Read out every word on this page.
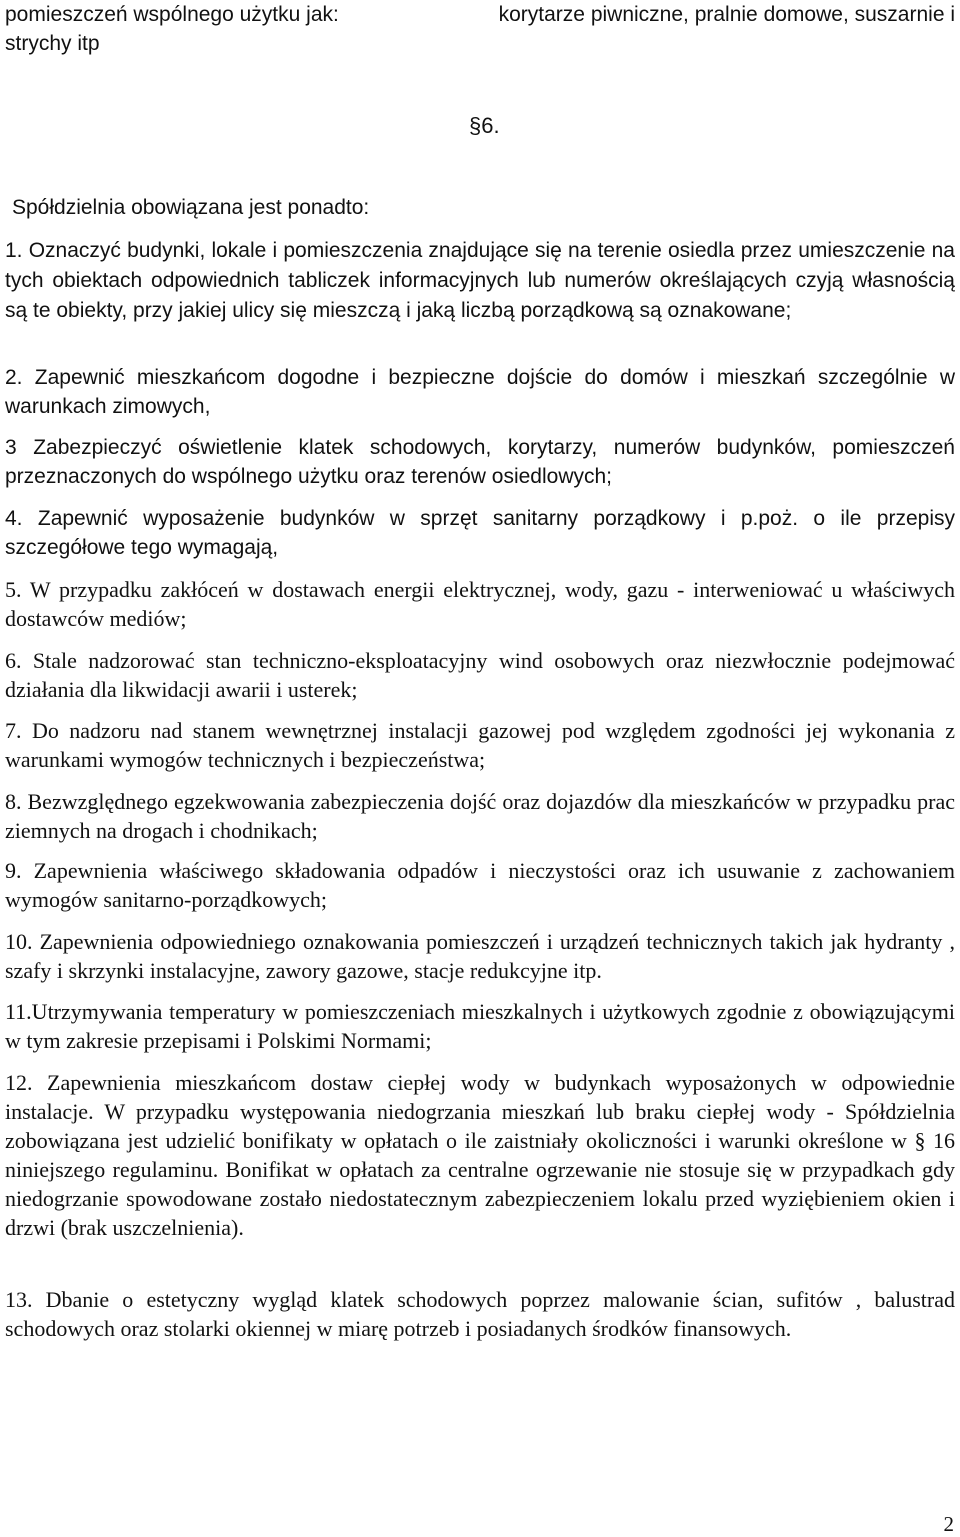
pomieszczeń wspólnego użytku jak:	korytarze piwniczne, pralnie domowe, suszarnie i
strychy itp
§6.

Spółdzielnia obowiązana jest ponadto:

1. Oznaczyć budynki, lokale i pomieszczenia znajdujące się na terenie osiedla przez umieszczenie na tych obiektach odpowiednich tabliczek informacyjnych lub numerów określających czyją własnością są te obiekty, przy jakiej ulicy się mieszczą i jaką liczbą porządkową są oznakowane;

2. Zapewnić mieszkańcom dogodne i bezpieczne dojście do domów i mieszkań szczególnie w warunkach zimowych,

3 Zabezpieczyć oświetlenie klatek schodowych, korytarzy, numerów budynków, pomieszczeń przeznaczonych do wspólnego użytku oraz terenów osiedlowych;

4. Zapewnić wyposażenie budynków w sprzęt sanitarny porządkowy i p.poż. o ile przepisy szczegółowe tego wymagają,

5. W przypadku zakłóceń w dostawach energii elektrycznej, wody, gazu - interweniować u właściwych dostawców mediów;

6. Stale nadzorować stan techniczno-eksploatacyjny wind osobowych oraz niezwłocznie podejmować działania dla likwidacji awarii i usterek;

7. Do nadzoru nad stanem wewnętrznej instalacji gazowej pod względem zgodności jej wykonania z warunkami wymogów technicznych i bezpieczeństwa;

8. Bezwzględnego egzekwowania zabezpieczenia dojść oraz dojazdów dla mieszkańców w przypadku prac ziemnych na drogach i chodnikach;

9. Zapewnienia właściwego składowania odpadów i nieczystości oraz ich usuwanie z zachowaniem wymogów sanitarno-porządkowych;

10. Zapewnienia odpowiedniego oznakowania pomieszczeń i urządzeń technicznych takich jak hydranty , szafy i skrzynki instalacyjne, zawory gazowe, stacje redukcyjne itp.

11.Utrzymywania temperatury w pomieszczeniach mieszkalnych i użytkowych zgodnie z obowiązującymi w tym zakresie przepisami i Polskimi Normami;

12. Zapewnienia mieszkańcom dostaw ciepłej wody w budynkach wyposażonych w odpowiednie instalacje. W przypadku występowania niedogrzania mieszkań lub braku ciepłej wody - Spółdzielnia zobowiązana jest udzielić bonifikaty w opłatach o ile zaistniały okoliczności i warunki określone w § 16 niniejszego regulaminu. Bonifikat w opłatach za centralne ogrzewanie nie stosuje się w przypadkach gdy niedogrzanie spowodowane zostało niedostatecznym zabezpieczeniem lokalu przed wyziębieniem okien i drzwi (brak uszczelnienia).

13. Dbanie o estetyczny wygląd klatek schodowych poprzez malowanie ścian, sufitów , balustrad schodowych oraz stolarki okiennej w miarę potrzeb i posiadanych środków finansowych.

2
